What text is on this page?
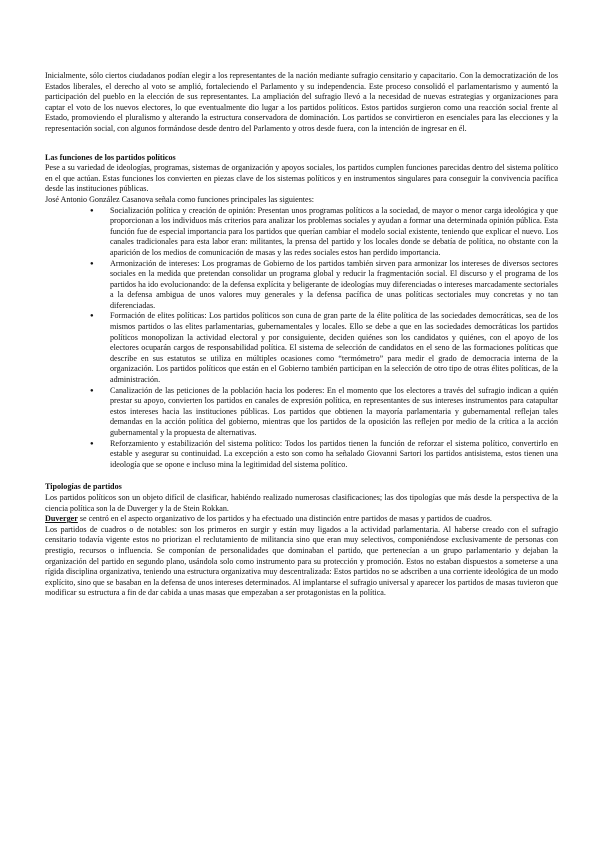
Inicialmente, sólo ciertos ciudadanos podían elegir a los representantes de la nación mediante sufragio censitario y capacitario. Con la democratización de los Estados liberales, el derecho al voto se amplió, fortaleciendo el Parlamento y su independencia. Este proceso consolidó el parlamentarismo y aumentó la participación del pueblo en la elección de sus representantes. La ampliación del sufragio llevó a la necesidad de nuevas estrategias y organizaciones para captar el voto de los nuevos electores, lo que eventualmente dio lugar a los partidos políticos. Estos partidos surgieron como una reacción social frente al Estado, promoviendo el pluralismo y alterando la estructura conservadora de dominación. Los partidos se convirtieron en esenciales para las elecciones y la representación social, con algunos formándose desde dentro del Parlamento y otros desde fuera, con la intención de ingresar en él.

Las funciones de los partidos políticos

Pese a su variedad de ideologías, programas, sistemas de organización y apoyos sociales, los partidos cumplen funciones parecidas dentro del sistema político en el que actúan. Estas funciones los convierten en piezas clave de los sistemas políticos y en instrumentos singulares para conseguir la convivencia pacífica desde las instituciones públicas.

José Antonio González Casanova señala como funciones principales las siguientes:

● Socialización política y creación de opinión: Presentan unos programas políticos a la sociedad, de mayor o menor carga ideológica y que proporcionan a los individuos más criterios para analizar los problemas sociales y ayudan a formar una determinada opinión pública. Esta función fue de especial importancia para los partidos que querían cambiar el modelo social existente, teniendo que explicar el nuevo. Los canales tradicionales para esta labor eran: militantes, la prensa del partido y los locales donde se debatía de política, no obstante con la aparición de los medios de comunicación de masas y las redes sociales estos han perdido importancia.
● Armonización de intereses: Los programas de Gobierno de los partidos también sirven para armonizar los intereses de diversos sectores sociales en la medida que pretendan consolidar un programa global y reducir la fragmentación social. El discurso y el programa de los partidos ha ido evolucionando: de la defensa explícita y beligerante de ideologías muy diferenciadas o intereses marcadamente sectoriales a la defensa ambigua de unos valores muy generales y la defensa pacífica de unas políticas sectoriales muy concretas y no tan diferenciadas.
● Formación de elites políticas: Los partidos políticos son cuna de gran parte de la élite política de las sociedades democráticas, sea de los mismos partidos o las elites parlamentarias, gubernamentales y locales. Ello se debe a que en las sociedades democráticas los partidos políticos monopolizan la actividad electoral y por consiguiente, deciden quiénes son los candidatos y quiénes, con el apoyo de los electores ocuparán cargos de responsabilidad política. El sistema de selección de candidatos en el seno de las formaciones políticas que describe en sus estatutos se utiliza en múltiples ocasiones como “termómetro” para medir el grado de democracia interna de la organización. Los partidos políticos que están en el Gobierno también participan en la selección de otro tipo de otras élites políticas, de la administración.
● Canalización de las peticiones de la población hacia los poderes: En el momento que los electores a través del sufragio indican a quién prestar su apoyo, convierten los partidos en canales de expresión política, en representantes de sus intereses instrumentos para catapultar estos intereses hacia las instituciones públicas. Los partidos que obtienen la mayoría parlamentaria y gubernamental reflejan tales demandas en la acción política del gobierno, mientras que los partidos de la oposición las reflejen por medio de la crítica a la acción gubernamental y la propuesta de alternativas.
● Reforzamiento y estabilización del sistema político: Todos los partidos tienen la función de reforzar el sistema político, convertirlo en estable y asegurar su continuidad. La excepción a esto son como ha señalado Giovanni Sartori los partidos antisistema, estos tienen una ideología que se opone e incluso mina la legitimidad del sistema político.
Tipologías de partidos

Los partidos políticos son un objeto difícil de clasificar, habiéndo realizado numerosas clasificaciones; las dos tipologías que más desde la perspectiva de la ciencia política son la de Duverger y la de Stein Rokkan.

Duverger se centró en el aspecto organizativo de los partidos y ha efectuado una distinción entre partidos de masas y partidos de cuadros.

Los partidos de cuadros o de notables: son los primeros en surgir y están muy ligados a la actividad parlamentaria. Al haberse creado con el sufragio censitario todavía vigente estos no priorizan el reclutamiento de militancia sino que eran muy selectivos, componiéndose exclusivamente de personas con prestigio, recursos o influencia. Se componían de personalidades que dominaban el partido, que pertenecían a un grupo parlamentario y dejaban la organización del partido en segundo plano, usándola solo como instrumento para su protección y promoción. Estos no estaban dispuestos a someterse a una rígida disciplina organizativa, teniendo una estructura organizativa muy descentralizada: Estos partidos no se adscriben a una corriente ideológica de un modo explícito, sino que se basaban en la defensa de unos intereses determinados. Al implantarse el sufragio universal y aparecer los partidos de masas tuvieron que modificar su estructura a fin de dar cabida a unas masas que empezaban a ser protagonistas en la política.
